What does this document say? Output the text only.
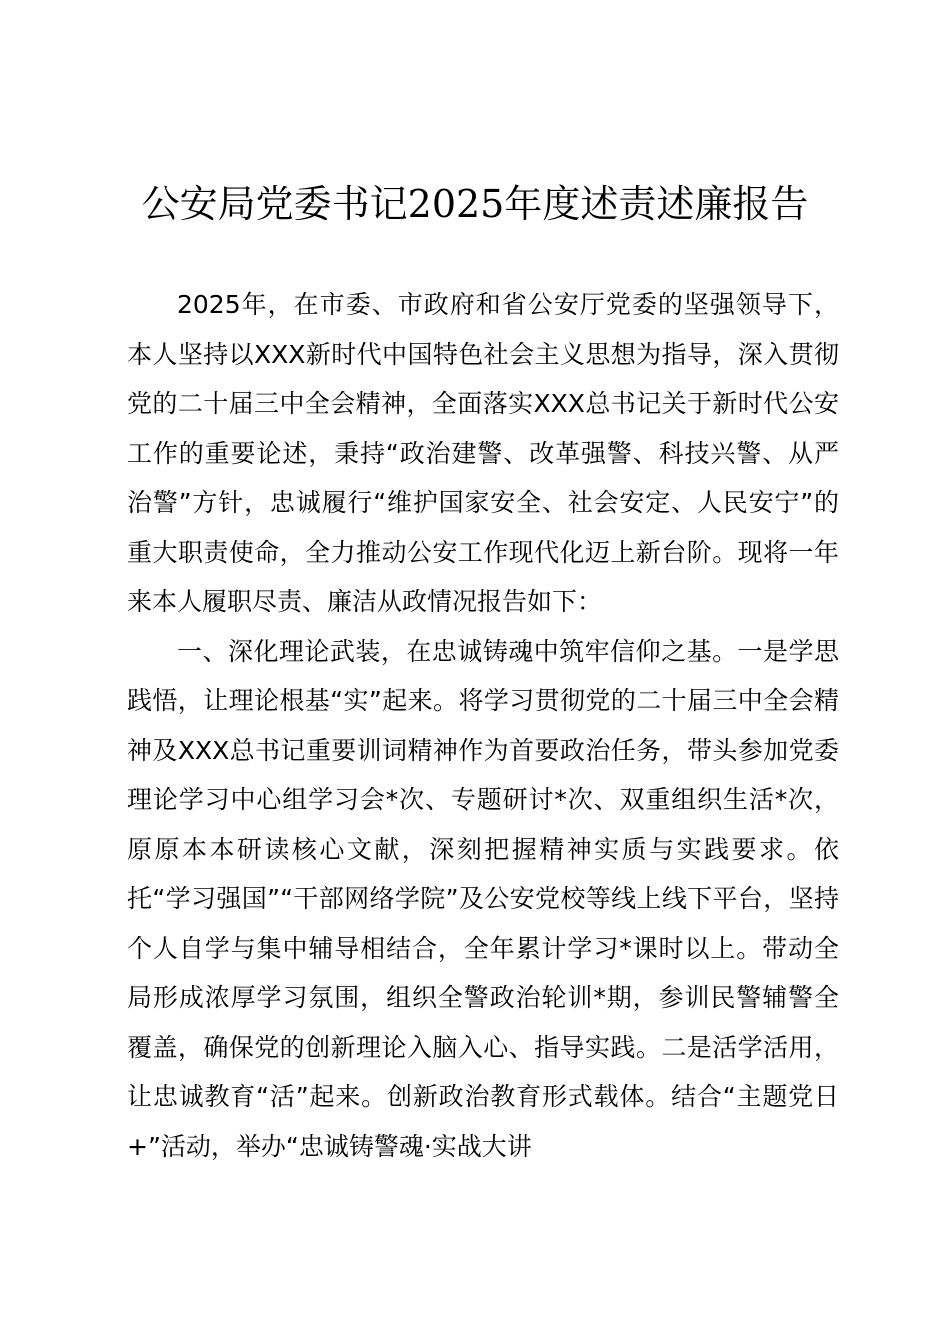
公安局党委书记2025年度述责述廉报告

2025年，在市委、市政府和省公安厅党委的坚强领导下，本人坚持以XXX新时代中国特色社会主义思想为指导，深入贯彻党的二十届三中全会精神，全面落实XXX总书记关于新时代公安工作的重要论述，秉持“政治建警、改革强警、科技兴警、从严治警”方针，忠诚履行“维护国家安全、社会安定、人民安宁”的重大职责使命，全力推动公安工作现代化迈上新台阶。现将一年来本人履职尽责、廉洁从政情况报告如下：

一、深化理论武装，在忠诚铸魂中筑牢信仰之基。一是学思践悟，让理论根基“实”起来。将学习贯彻党的二十届三中全会精神及XXX总书记重要训词精神作为首要政治任务，带头参加党委理论学习中心组学习会*次、专题研讨*次、双重组织生活*次，原原本本研读核心文献，深刻把握精神实质与实践要求。依托“学习强国”“干部网络学院”及公安党校等线上线下平台，坚持个人自学与集中辅导相结合，全年累计学习*课时以上。带动全局形成浓厚学习氛围，组织全警政治轮训*期，参训民警辅警全覆盖，确保党的创新理论入脑入心、指导实践。二是活学活用，让忠诚教育“活”起来。创新政治教育形式载体。结合“主题党日+”活动，举办“忠诚铸警魂·实战大讲
